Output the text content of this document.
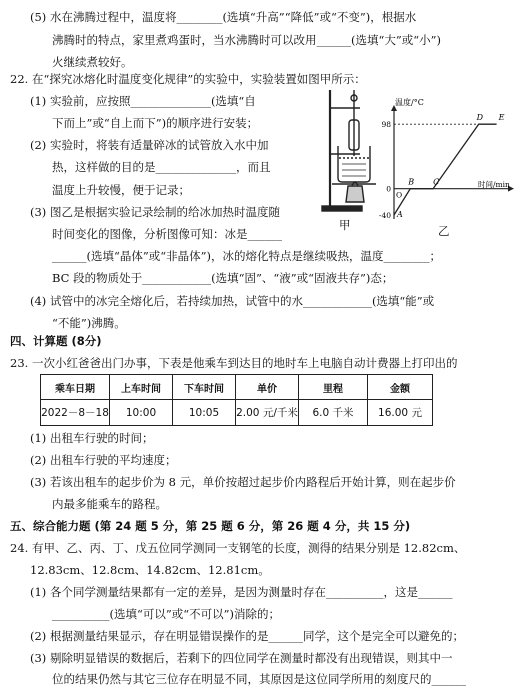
(5) 水在沸腾过程中，温度将________(选填“升高”“降低”或“不变”)，根据水
沸腾时的特点，家里煮鸡蛋时，当水沸腾时可以改用______(选填“大”或“小”)
火继续煮较好。
22. 在“探究冰熔化时温度变化规律”的实验中，实验装置如图甲所示：
(1) 实验前，应按照______________(选填“自
下而上”或“自上而下”)的顺序进行安装；
(2) 实验时，将装有适量碎冰的试管放入水中加
热，这样做的目的是______________，而且
温度上升较慢，便于记录；
(3) 图乙是根据实验记录绘制的给冰加热时温度随
时间变化的图像，分析图像可知：冰是______
______(选填“晶体”或“非晶体”)，冰的熔化特点是继续吸热，温度________；
BC 段的物质处于____________(选填“固”、“液”或“固液共存”)态；
(4) 试管中的冰完全熔化后，若持续加热，试管中的水____________(选填“能”或
“不能”)沸腾。
甲
98
0
-40
O
A
B C
D E
温度/°C
时间/min
乙
四、计算题 (8分)
23. 一次小红爸爸出门办事，下表是他乘车到达目的地时车上电脑自动计费器上打印出的
乘车日期	上车时间	下车时间	单价	里程	金额
2022－8－18	10:00	10:05	2.00 元/千米	6.0 千米	16.00 元
(1) 出租车行驶的时间；
(2) 出租车行驶的平均速度；
(3) 若该出租车的起步价为 8 元，单价按超过起步价内路程后开始计算，则在起步价
内最多能乘车的路程。
五、综合能力题 (第 24 题 5 分，第 25 题 6 分，第 26 题 4 分，共 15 分)
24. 有甲、乙、丙、丁、戊五位同学测同一支钢笔的长度，测得的结果分别是 12.82cm、
12.83cm、12.8cm、14.82cm、12.81cm。
(1) 各个同学测量结果都有一定的差异，是因为测量时存在__________，这是______
__________(选填“可以”或“不可以”)消除的；
(2) 根据测量结果显示，存在明显错误操作的是______同学，这个是完全可以避免的；
(3) 剔除明显错误的数据后，若剩下的四位同学在测量时都没有出现错误，则其中一
位的结果仍然与其它三位存在明显不同，其原因是这位同学所用的刻度尺的______
